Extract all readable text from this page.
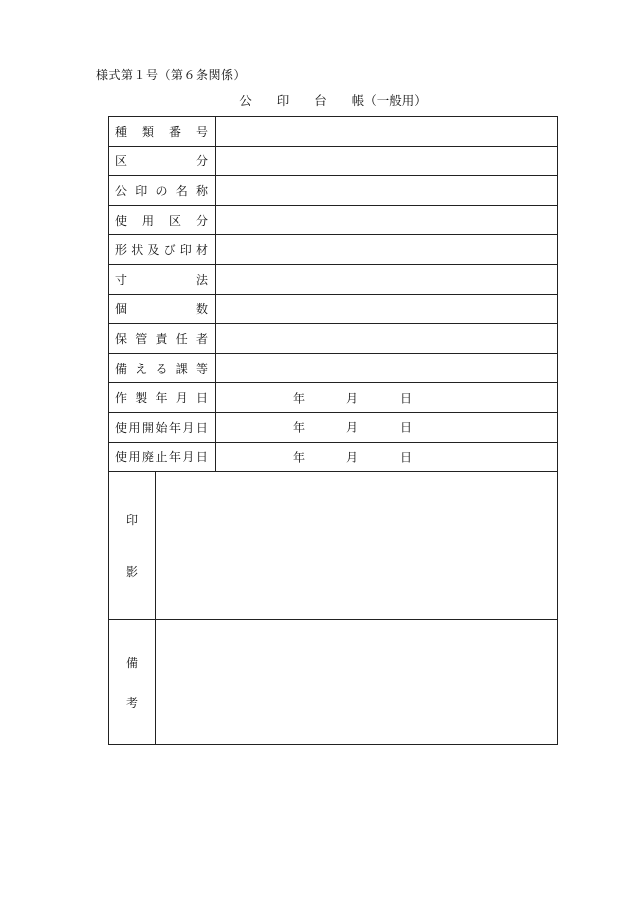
様式第１号（第６条関係）
公　　印　　台　　帳（一般用）
種 類 番 号
区	分
公 印 の 名 称
使 用 区 分
形 状 及 び 印 材
寸	法
個	数
保 管 責 任 者
備 え る 課 等
作 製 年 月 日	年	月	日
使 用 開 始 年 月 日	年	月	日
使 用 廃 止 年 月 日	年	月	日
印
影
備
考
